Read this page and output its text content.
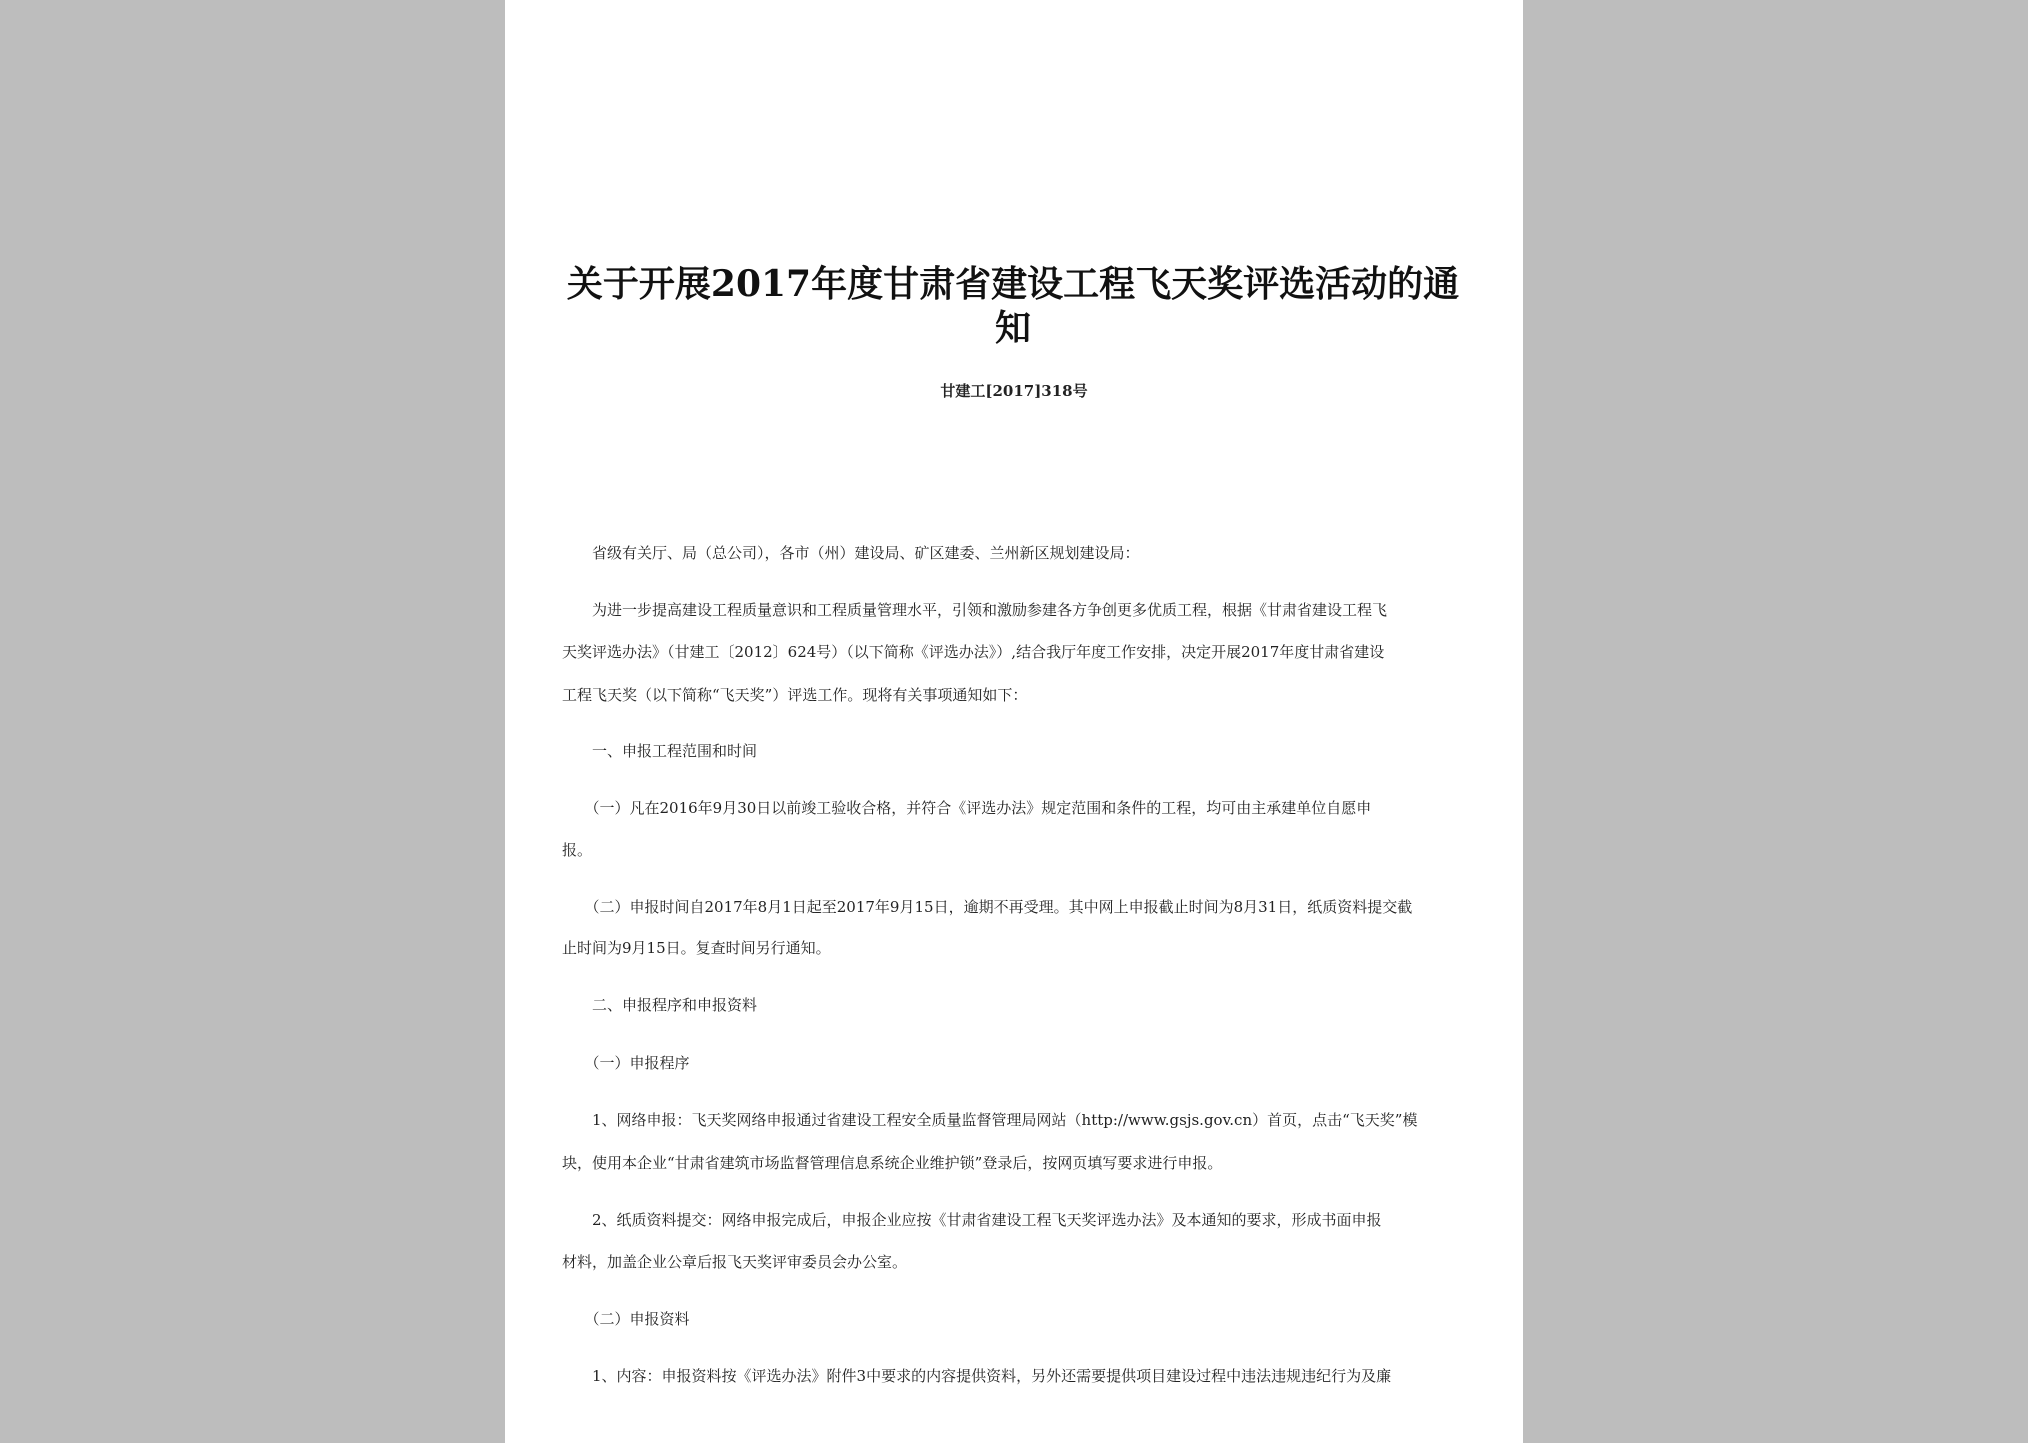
关于开展2017年度甘肃省建设工程飞天奖评选活动的通知
甘建工[2017]318号
　　省级有关厅、局（总公司），各市（州）建设局、矿区建委、兰州新区规划建设局：
　　为进一步提高建设工程质量意识和工程质量管理水平，引领和激励参建各方争创更多优质工程，根据《甘肃省建设工程飞
天奖评选办法》（甘建工〔2012〕624号）（以下简称《评选办法》）,结合我厅年度工作安排，决定开展2017年度甘肃省建设
工程飞天奖（以下简称“飞天奖”）评选工作。现将有关事项通知如下：
　　一、申报工程范围和时间
　　（一）凡在2016年9月30日以前竣工验收合格，并符合《评选办法》规定范围和条件的工程，均可由主承建单位自愿申
报。
　　（二）申报时间自2017年8月1日起至2017年9月15日，逾期不再受理。其中网上申报截止时间为8月31日，纸质资料提交截
止时间为9月15日。复查时间另行通知。
　　二、申报程序和申报资料
　　（一）申报程序
　　1、网络申报：飞天奖网络申报通过省建设工程安全质量监督管理局网站（http://www.gsjs.gov.cn）首页，点击“飞天奖”模
块，使用本企业“甘肃省建筑市场监督管理信息系统企业维护锁”登录后，按网页填写要求进行申报。
　　2、纸质资料提交：网络申报完成后，申报企业应按《甘肃省建设工程飞天奖评选办法》及本通知的要求，形成书面申报
材料，加盖企业公章后报飞天奖评审委员会办公室。
　　（二）申报资料
　　1、内容：申报资料按《评选办法》附件3中要求的内容提供资料，另外还需要提供项目建设过程中违法违规违纪行为及廉
